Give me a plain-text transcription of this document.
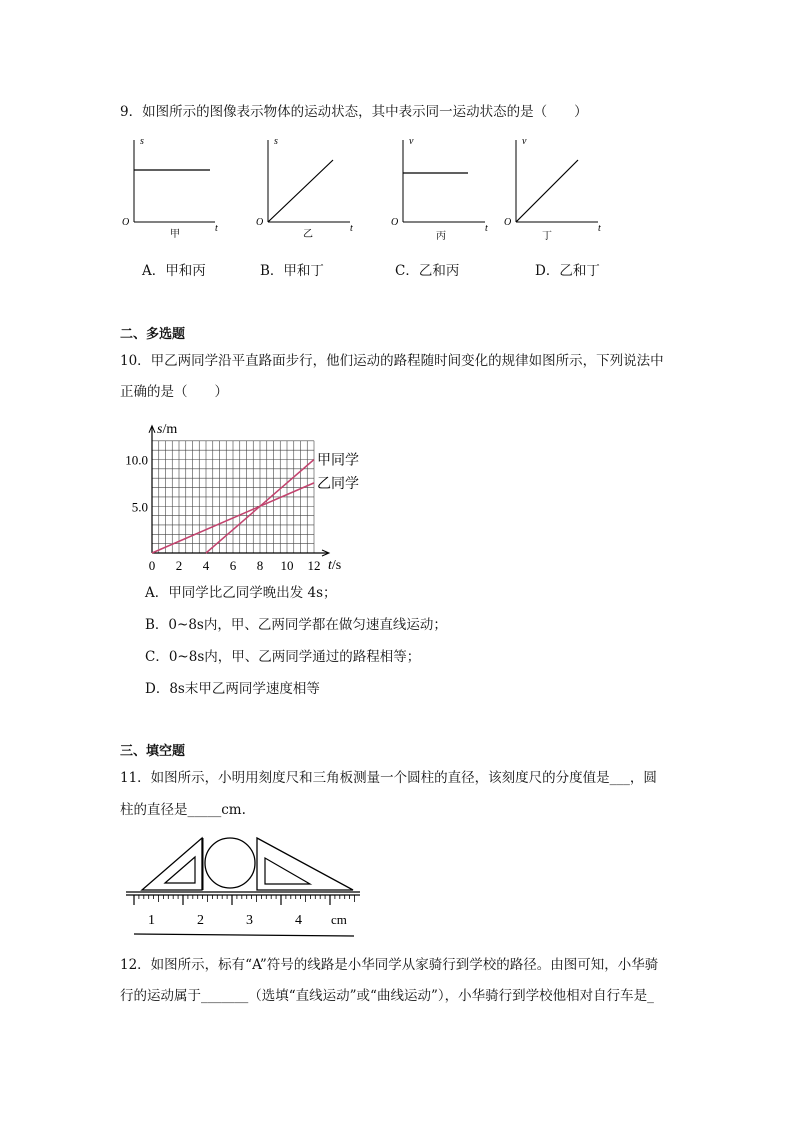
9．如图所示的图像表示物体的运动状态，其中表示同一运动状态的是（　　）
s
O
t
甲
s
O
t
乙
v
O
t
丙
v
O
t
丁
A．甲和丙	B．甲和丁	C．乙和丙	D．乙和丁
二、多选题
10．甲乙两同学沿平直路面步行，他们运动的路程随时间变化的规律如图所示，下列说法中
正确的是（　　）
甲同学
乙同学
0 2 4 6 8 10 12
5.0
10.0
s/m
t/s
A．甲同学比乙同学晚出发 4s；
B．0~8s内，甲、乙两同学都在做匀速直线运动；
C．0~8s内，甲、乙两同学通过的路程相等；
D．8s末甲乙两同学速度相等
三、填空题
11．如图所示，小明用刻度尺和三角板测量一个圆柱的直径，该刻度尺的分度值是___，圆
柱的直径是_____cm.
1	2	3	4 cm
12．如图所示，标有“A”符号的线路是小华同学从家骑行到学校的路径。由图可知，小华骑
行的运动属于_______（选填“直线运动”或“曲线运动”），小华骑行到学校他相对自行车是_
